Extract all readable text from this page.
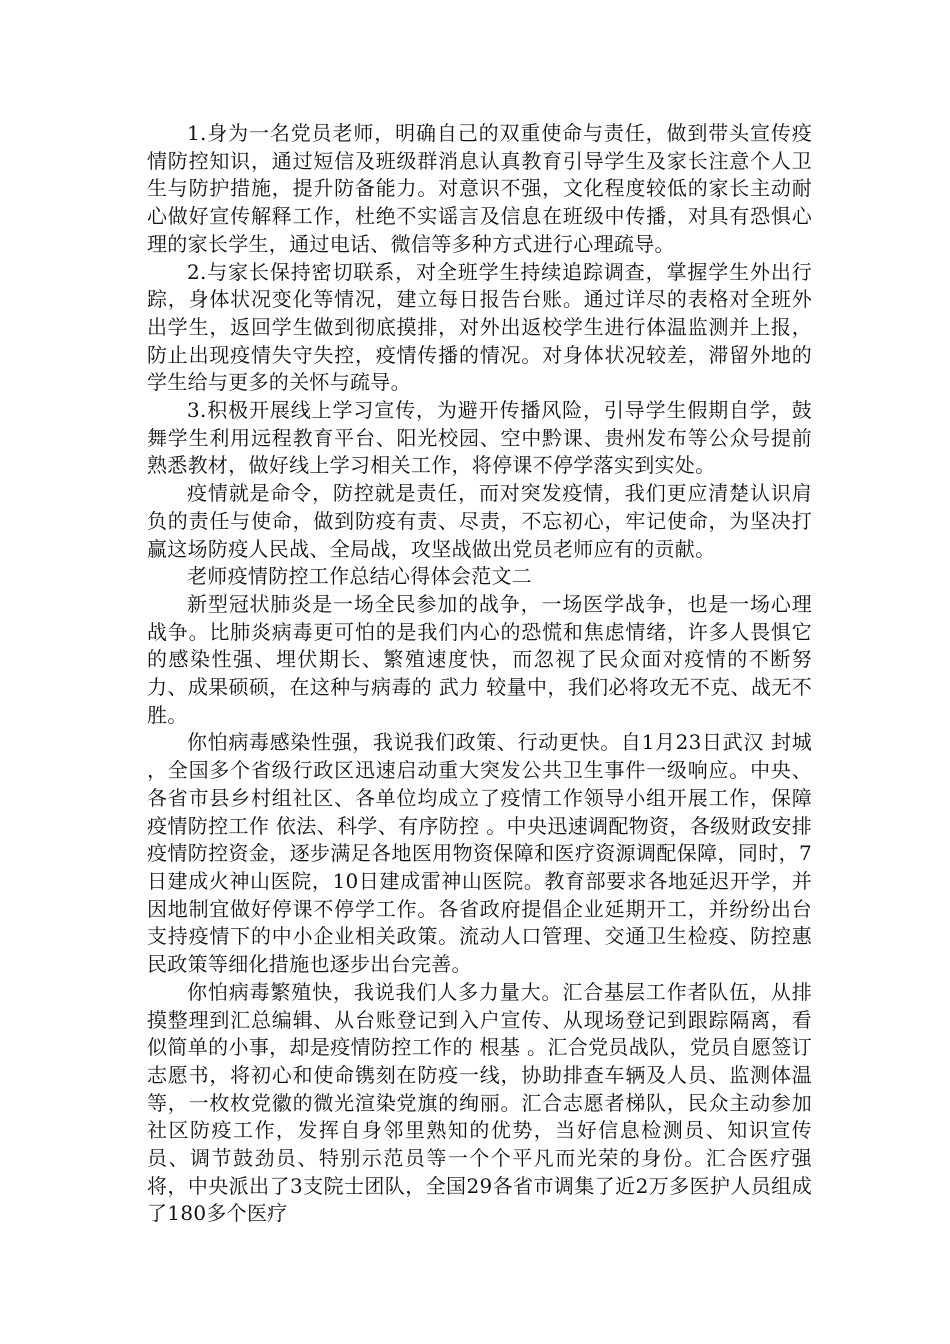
1.身为一名党员老师，明确自己的双重使命与责任，做到带头宣传疫情防控知识，通过短信及班级群消息认真教育引导学生及家长注意个人卫生与防护措施，提升防备能力。对意识不强，文化程度较低的家长主动耐心做好宣传解释工作，杜绝不实谣言及信息在班级中传播，对具有恐惧心理的家长学生，通过电话、微信等多种方式进行心理疏导。

2.与家长保持密切联系，对全班学生持续追踪调查，掌握学生外出行踪，身体状况变化等情况，建立每日报告台账。通过详尽的表格对全班外出学生，返回学生做到彻底摸排，对外出返校学生进行体温监测并上报，防止出现疫情失守失控，疫情传播的情况。对身体状况较差，滞留外地的学生给与更多的关怀与疏导。

3.积极开展线上学习宣传，为避开传播风险，引导学生假期自学，鼓舞学生利用远程教育平台、阳光校园、空中黔课、贵州发布等公众号提前熟悉教材，做好线上学习相关工作，将停课不停学落实到实处。

疫情就是命令，防控就是责任，而对突发疫情，我们更应清楚认识肩负的责任与使命，做到防疫有责、尽责，不忘初心，牢记使命，为坚决打赢这场防疫人民战、全局战，攻坚战做出党员老师应有的贡献。

老师疫情防控工作总结心得体会范文二

新型冠状肺炎是一场全民参加的战争，一场医学战争，也是一场心理战争。比肺炎病毒更可怕的是我们内心的恐慌和焦虑情绪，许多人畏惧它的感染性强、埋伏期长、繁殖速度快，而忽视了民众面对疫情的不断努力、成果硕硕，在这种与病毒的 武力 较量中，我们必将攻无不克、战无不胜。

你怕病毒感染性强，我说我们政策、行动更快。自1月23日武汉 封城 ，全国多个省级行政区迅速启动重大突发公共卫生事件一级响应。中央、各省市县乡村组社区、各单位均成立了疫情工作领导小组开展工作，保障疫情防控工作 依法、科学、有序防控 。中央迅速调配物资，各级财政安排疫情防控资金，逐步满足各地医用物资保障和医疗资源调配保障，同时，7日建成火神山医院，10日建成雷神山医院。教育部要求各地延迟开学，并因地制宜做好停课不停学工作。各省政府提倡企业延期开工，并纷纷出台支持疫情下的中小企业相关政策。流动人口管理、交通卫生检疫、防控惠民政策等细化措施也逐步出台完善。

你怕病毒繁殖快，我说我们人多力量大。汇合基层工作者队伍，从排摸整理到汇总编辑、从台账登记到入户宣传、从现场登记到跟踪隔离，看似简单的小事，却是疫情防控工作的 根基 。汇合党员战队，党员自愿签订志愿书，将初心和使命镌刻在防疫一线，协助排查车辆及人员、监测体温等，一枚枚党徽的微光渲染党旗的绚丽。汇合志愿者梯队，民众主动参加社区防疫工作，发挥自身邻里熟知的优势，当好信息检测员、知识宣传员、调节鼓劲员、特别示范员等一个个平凡而光荣的身份。汇合医疗强将，中央派出了3支院士团队，全国29各省市调集了近2万多医护人员组成了180多个医疗
